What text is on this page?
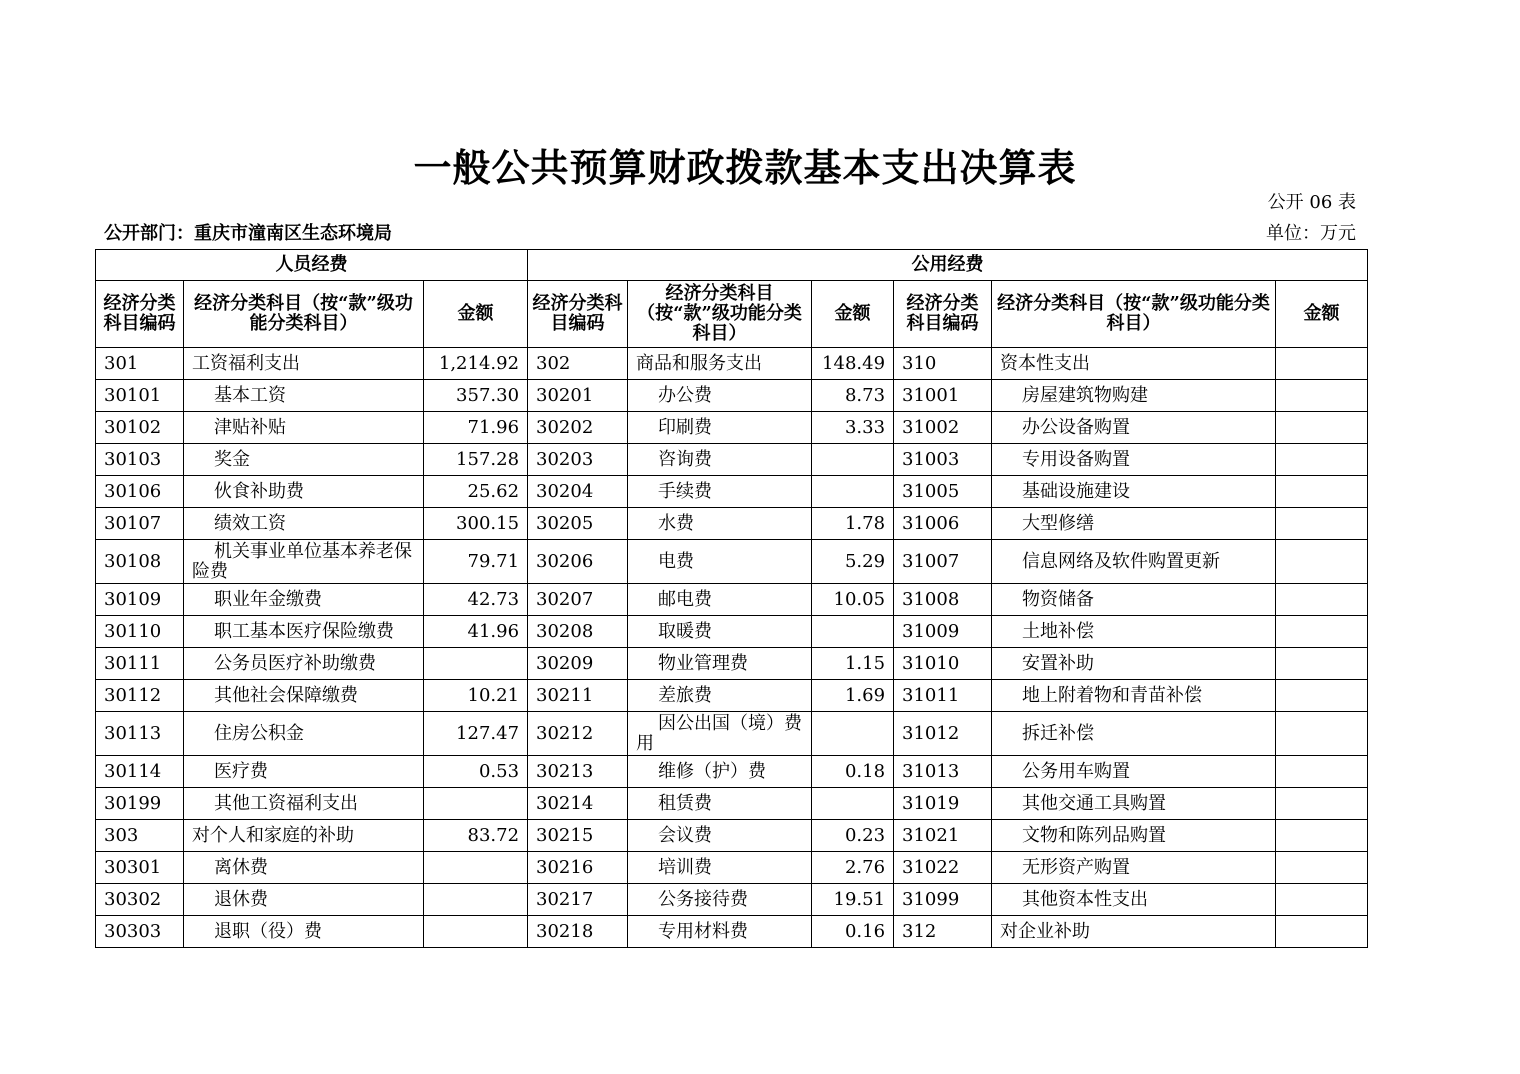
一般公共预算财政拨款基本支出决算表
公开 06 表
公开部门：重庆市潼南区生态环境局	单位：万元
人员经费			公用经费					
经济分类科目编码	经济分类科目（按“款”级功能分类科目）	金额	经济分类科目编码	经济分类科目（按“款”级功能分类科目）	金额	经济分类科目编码	经济分类科目（按“款”级功能分类科目）	金额
301	工资福利支出	1,214.92	302	商品和服务支出	148.49	310	资本性支出	
30101	基本工资	357.30	30201	办公费	8.73	31001	房屋建筑物购建	
30102	津贴补贴	71.96	30202	印刷费	3.33	31002	办公设备购置	
30103	奖金	157.28	30203	咨询费		31003	专用设备购置	
30106	伙食补助费	25.62	30204	手续费		31005	基础设施建设	
30107	绩效工资	300.15	30205	水费	1.78	31006	大型修缮	
30108	机关事业单位基本养老保险费	79.71	30206	电费	5.29	31007	信息网络及软件购置更新	
30109	职业年金缴费	42.73	30207	邮电费	10.05	31008	物资储备	
30110	职工基本医疗保险缴费	41.96	30208	取暖费		31009	土地补偿	
30111	公务员医疗补助缴费		30209	物业管理费	1.15	31010	安置补助	
30112	其他社会保障缴费	10.21	30211	差旅费	1.69	31011	地上附着物和青苗补偿	
30113	住房公积金	127.47	30212	因公出国（境）费用		31012	拆迁补偿	
30114	医疗费	0.53	30213	维修（护）费	0.18	31013	公务用车购置	
30199	其他工资福利支出		30214	租赁费		31019	其他交通工具购置	
303	对个人和家庭的补助	83.72	30215	会议费	0.23	31021	文物和陈列品购置	
30301	离休费		30216	培训费	2.76	31022	无形资产购置	
30302	退休费		30217	公务接待费	19.51	31099	其他资本性支出	
30303	退职（役）费		30218	专用材料费	0.16	312	对企业补助	
